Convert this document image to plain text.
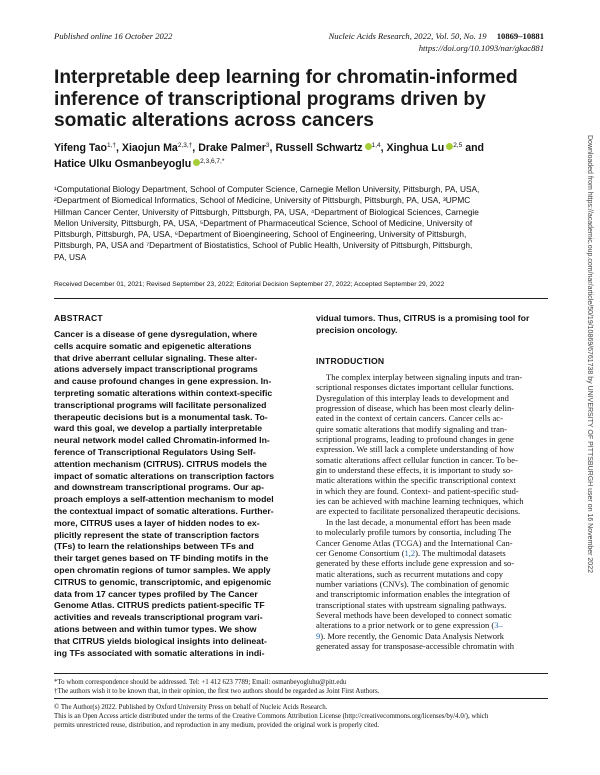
Published online 16 October 2022	Nucleic Acids Research, 2022, Vol. 50, No. 19 10869–10881
https://doi.org/10.1093/nar/gkac881
Interpretable deep learning for chromatin-informed
inference of transcriptional programs driven by
somatic alterations across cancers
Yifeng Tao$^{1,\dagger}$, Xiaojun $Ma^{2,3,\dagger}$, Drake Palmer$^3$, Russell Schwartz $^{1,4}$, Xinghua Lu $^{2,5}$ and
Hatice Ulku Osmanbeyoglu $^{2,3,6,7,*}$
¹Computational Biology Department, School of Computer Science, Carnegie Mellon University, Pittsburgh, PA, USA,
²Department of Biomedical Informatics, School of Medicine, University of Pittsburgh, Pittsburgh, PA, USA, ³UPMC
Hillman Cancer Center, University of Pittsburgh, Pittsburgh, PA, USA, ⁴Department of Biological Sciences, Carnegie
Mellon University, Pittsburgh, PA, USA, ⁵Department of Pharmaceutical Science, School of Medicine, University of
Pittsburgh, Pittsburgh, PA, USA, ⁶Department of Bioengineering, School of Engineering, University of Pittsburgh,
Pittsburgh, PA, USA and ⁷Department of Biostatistics, School of Public Health, University of Pittsburgh, Pittsburgh,
PA, USA
Received December 01, 2021; Revised September 23, 2022; Editorial Decision September 27, 2022; Accepted September 29, 2022
ABSTRACT
Cancer is a disease of gene dysregulation, where
cells acquire somatic and epigenetic alterations
that drive aberrant cellular signaling. These alter-
ations adversely impact transcriptional programs
and cause profound changes in gene expression. In-
terpreting somatic alterations within context-specific
transcriptional programs will facilitate personalized
therapeutic decisions but is a monumental task. To-
ward this goal, we develop a partially interpretable
neural network model called Chromatin-informed In-
ference of Transcriptional Regulators Using Self-
attention mechanism (CITRUS). CITRUS models the
impact of somatic alterations on transcription factors
and downstream transcriptional programs. Our ap-
proach employs a self-attention mechanism to model
the contextual impact of somatic alterations. Further-
more, CITRUS uses a layer of hidden nodes to ex-
plicitly represent the state of transcription factors
(TFs) to learn the relationships between TFs and
their target genes based on TF binding motifs in the
open chromatin regions of tumor samples. We apply
CITRUS to genomic, transcriptomic, and epigenomic
data from 17 cancer types profiled by The Cancer
Genome Atlas. CITRUS predicts patient-specific TF
activities and reveals transcriptional program vari-
ations between and within tumor types. We show
that CITRUS yields biological insights into delineat-
ing TFs associated with somatic alterations in indi-
vidual tumors. Thus, CITRUS is a promising tool for
precision oncology.
INTRODUCTION
The complex interplay between signaling inputs and tran-
scriptional responses dictates important cellular functions.
Dysregulation of this interplay leads to development and
progression of disease, which has been most clearly delin-
eated in the context of certain cancers. Cancer cells ac-
quire somatic alterations that modify signaling and tran-
scriptional programs, leading to profound changes in gene
expression. We still lack a complete understanding of how
somatic alterations affect cellular function in cancer. To be-
gin to understand these effects, it is important to study so-
matic alterations within the specific transcriptional context
in which they are found. Context- and patient-specific stud-
ies can be achieved with machine learning techniques, which
are expected to facilitate personalized therapeutic decisions.
In the last decade, a monumental effort has been made
to molecularly profile tumors by consortia, including The
Cancer Genome Atlas (TCGA) and the International Can-
cer Genome Consortium (1,2). The multimodal datasets
generated by these efforts include gene expression and so-
matic alterations, such as recurrent mutations and copy
number variations (CNVs). The combination of genomic
and transcriptomic information enables the integration of
transcriptional states with upstream signaling pathways.
Several methods have been developed to connect somatic
alterations to a prior network or to gene expression (3–
9). More recently, the Genomic Data Analysis Network
generated assay for transposase-accessible chromatin with
*To whom correspondence should be addressed. Tel: +1 412 623 7789; Email: osmanbeyogluhu@pitt.edu
†The authors wish it to be known that, in their opinion, the first two authors should be regarded as Joint First Authors.
© The Author(s) 2022. Published by Oxford University Press on behalf of Nucleic Acids Research.
This is an Open Access article distributed under the terms of the Creative Commons Attribution License (http://creativecommons.org/licenses/by/4.0/), which
permits unrestricted reuse, distribution, and reproduction in any medium, provided the original work is properly cited.
Downloaded from https://academic.oup.com/nar/article/50/19/10869/6761738 by UNIVERSITY OF PITTSBURGH user on 16 November 2022
